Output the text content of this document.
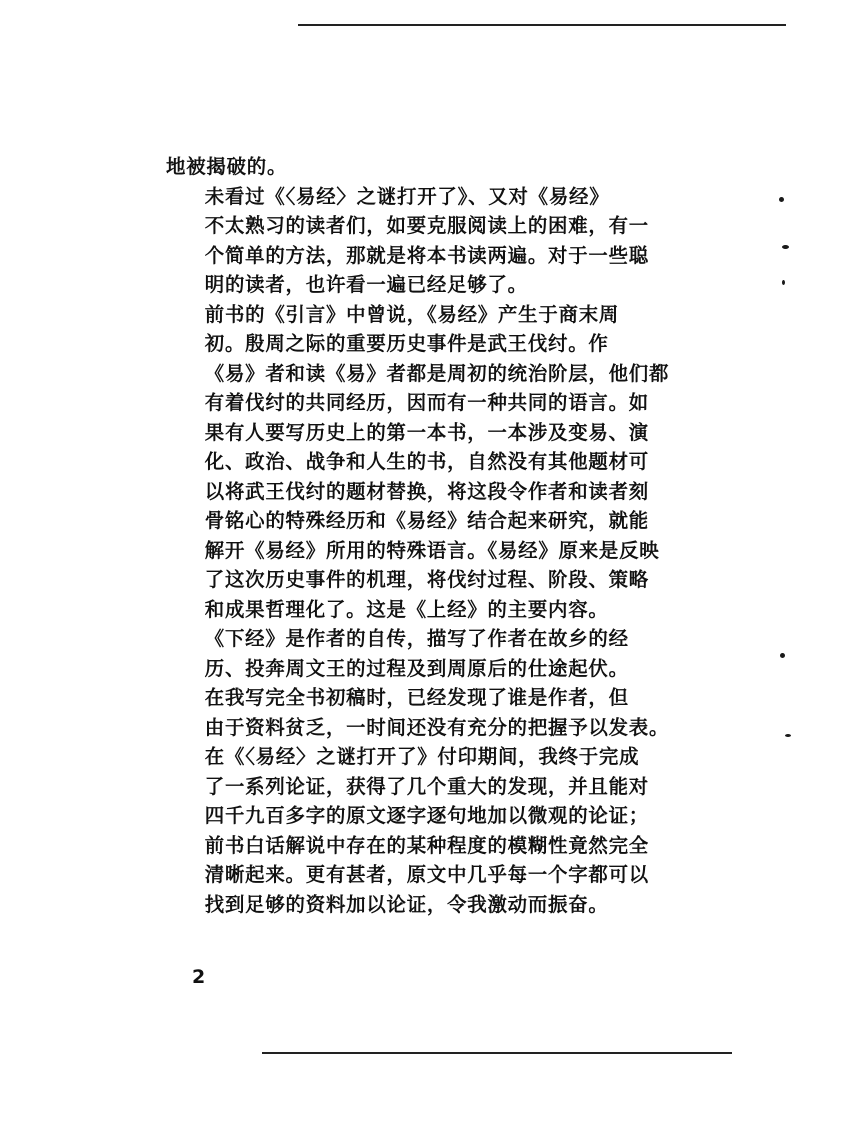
地被揭破的。

未看过《〈易经〉之谜打开了》、又对《易经》
不太熟习的读者们，如要克服阅读上的困难，有一
个简单的方法，那就是将本书读两遍。对于一些聪
明的读者，也许看一遍已经足够了。

前书的《引言》中曾说，《易经》产生于商末周
初。殷周之际的重要历史事件是武王伐纣。作
《易》者和读《易》者都是周初的统治阶层，他们都
有着伐纣的共同经历，因而有一种共同的语言。如
果有人要写历史上的第一本书，一本涉及变易、演
化、政治、战争和人生的书，自然没有其他题材可
以将武王伐纣的题材替换，将这段令作者和读者刻
骨铭心的特殊经历和《易经》结合起来研究，就能
解开《易经》所用的特殊语言。《易经》原来是反映
了这次历史事件的机理，将伐纣过程、阶段、策略
和成果哲理化了。这是《上经》的主要内容。

《下经》是作者的自传，描写了作者在故乡的经
历、投奔周文王的过程及到周原后的仕途起伏。

在我写完全书初稿时，已经发现了谁是作者，但
由于资料贫乏，一时间还没有充分的把握予以发表。
在《〈易经〉之谜打开了》付印期间，我终于完成
了一系列论证，获得了几个重大的发现，并且能对
四千九百多字的原文逐字逐句地加以微观的论证；
前书白话解说中存在的某种程度的模糊性竟然完全
清晰起来。更有甚者，原文中几乎每一个字都可以
找到足够的资料加以论证，令我激动而振奋。

2
